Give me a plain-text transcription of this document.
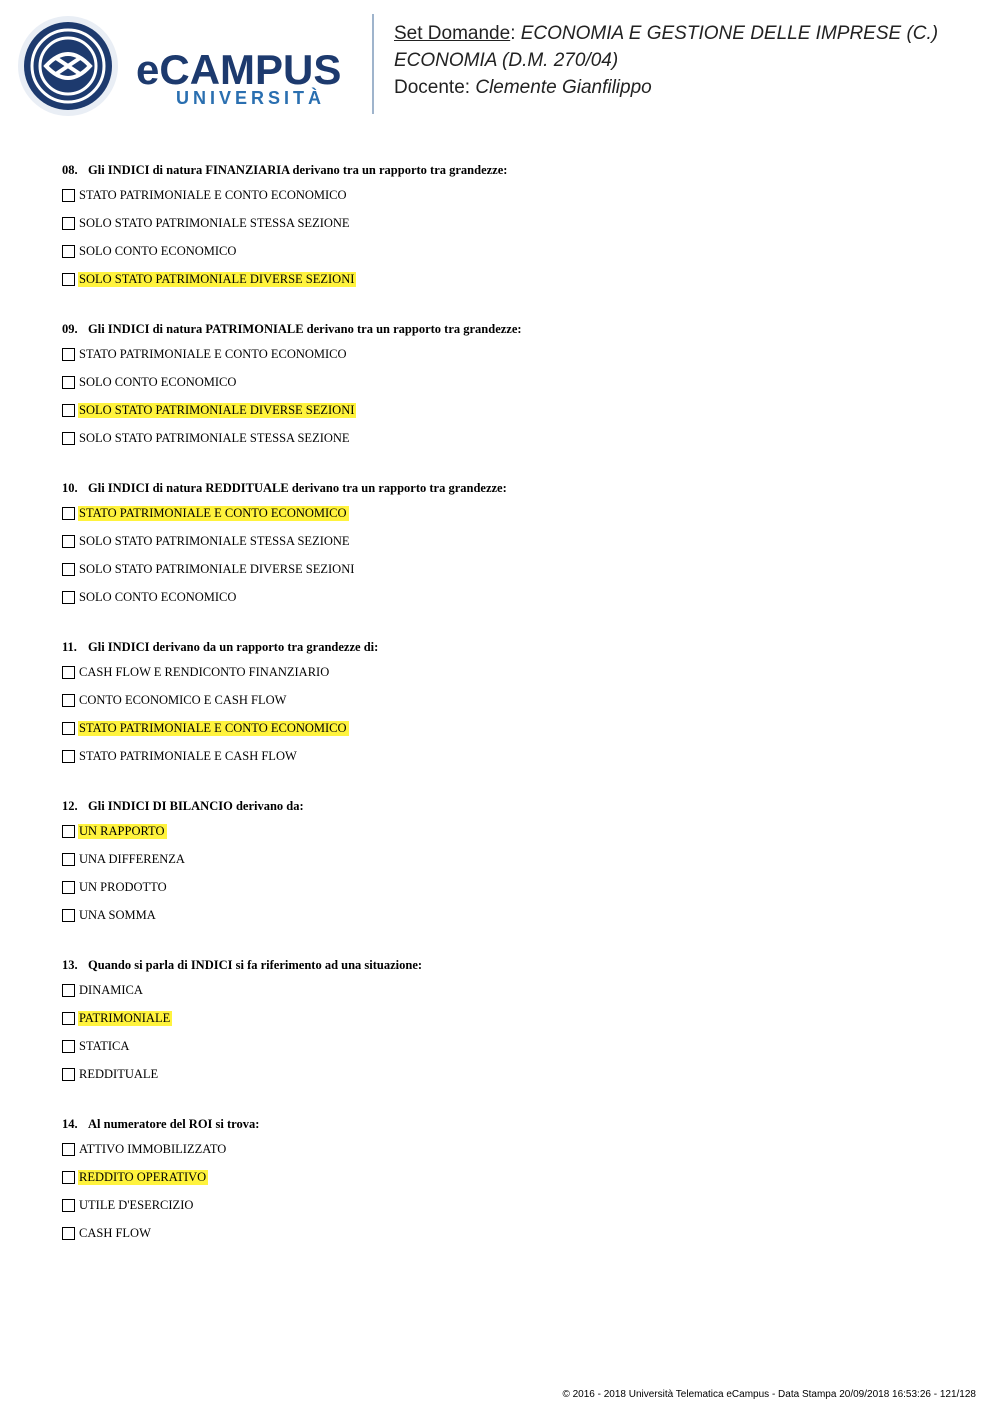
eCAMPUS
UNIVERSITÀ
Set Domande: ECONOMIA E GESTIONE DELLE IMPRESE (C.) ECONOMIA (D.M. 270/04)
Docente: Clemente Gianfilippo
08. Gli INDICI di natura FINANZIARIA derivano tra un rapporto tra grandezze:
STATO PATRIMONIALE E CONTO ECONOMICO
SOLO STATO PATRIMONIALE STESSA SEZIONE
SOLO CONTO ECONOMICO
SOLO STATO PATRIMONIALE DIVERSE SEZIONI
09. Gli INDICI di natura PATRIMONIALE derivano tra un rapporto tra grandezze:
STATO PATRIMONIALE E CONTO ECONOMICO
SOLO CONTO ECONOMICO
SOLO STATO PATRIMONIALE DIVERSE SEZIONI
SOLO STATO PATRIMONIALE STESSA SEZIONE
10. Gli INDICI di natura REDDITUALE derivano tra un rapporto tra grandezze:
STATO PATRIMONIALE E CONTO ECONOMICO
SOLO STATO PATRIMONIALE STESSA SEZIONE
SOLO STATO PATRIMONIALE DIVERSE SEZIONI
SOLO CONTO ECONOMICO
11. Gli INDICI derivano da un rapporto tra grandezze di:
CASH FLOW E RENDICONTO FINANZIARIO
CONTO ECONOMICO E CASH FLOW
STATO PATRIMONIALE E CONTO ECONOMICO
STATO PATRIMONIALE E CASH FLOW
12. Gli INDICI DI BILANCIO derivano da:
UN RAPPORTO
UNA DIFFERENZA
UN PRODOTTO
UNA SOMMA
13. Quando si parla di INDICI si fa riferimento ad una situazione:
DINAMICA
PATRIMONIALE
STATICA
REDDITUALE
14. Al numeratore del ROI si trova:
ATTIVO IMMOBILIZZATO
REDDITO OPERATIVO
UTILE D'ESERCIZIO
CASH FLOW
© 2016 - 2018 Università Telematica eCampus - Data Stampa 20/09/2018 16:53:26 - 121/128
